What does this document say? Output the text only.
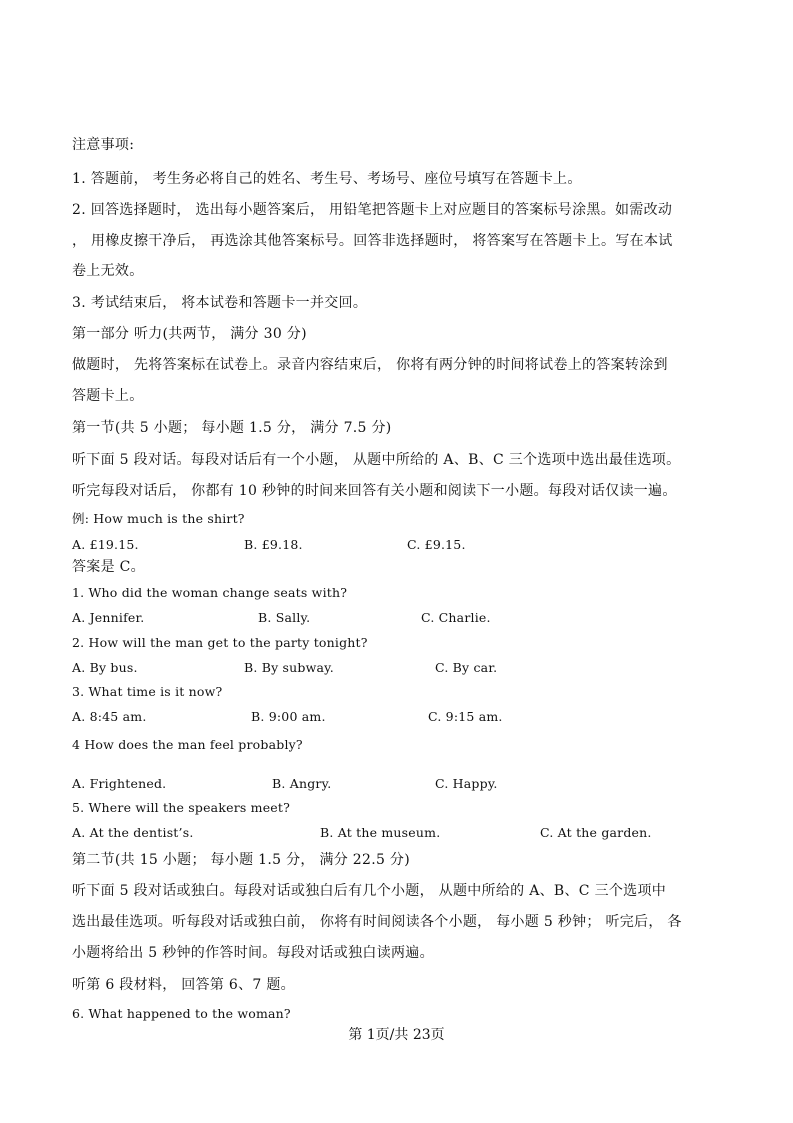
注意事项:
1. 答题前， 考生务必将自己的姓名、考生号、考场号、座位号填写在答题卡上。
2. 回答选择题时， 选出每小题答案后， 用铅笔把答题卡上对应题目的答案标号涂黑。如需改动
， 用橡皮擦干净后， 再选涂其他答案标号。回答非选择题时， 将答案写在答题卡上。写在本试
卷上无效。
3. 考试结束后， 将本试卷和答题卡一并交回。
第一部分 听力(共两节， 满分 30 分)
做题时， 先将答案标在试卷上。录音内容结束后， 你将有两分钟的时间将试卷上的答案转涂到
答题卡上。
第一节(共 5 小题； 每小题 1.5 分， 满分 7.5 分)
听下面 5 段对话。每段对话后有一个小题， 从题中所给的 A、B、C 三个选项中选出最佳选项。
听完每段对话后， 你都有 10 秒钟的时间来回答有关小题和阅读下一小题。每段对话仅读一遍。
例: How much is the shirt?
A. £19.15.	B. £9.18.	C. £9.15.
答案是 C。
1. Who did the woman change seats with?
A. Jennifer.	B. Sally.	C. Charlie.
2. How will the man get to the party tonight?
A. By bus.	B. By subway.	C. By car.
3. What time is it now?
A. 8:45 am.	B. 9:00 am.	C. 9:15 am.
4 How does the man feel probably?
A. Frightened.	B. Angry.	C. Happy.
5. Where will the speakers meet?
A. At the dentist’s.	B. At the museum.	C. At the garden.
第二节(共 15 小题； 每小题 1.5 分， 满分 22.5 分)
听下面 5 段对话或独白。每段对话或独白后有几个小题， 从题中所给的 A、B、C 三个选项中
选出最佳选项。听每段对话或独白前， 你将有时间阅读各个小题， 每小题 5 秒钟； 听完后， 各
小题将给出 5 秒钟的作答时间。每段对话或独白读两遍。
听第 6 段材料， 回答第 6、7 题。
6. What happened to the woman?
第 1页/共 23页
